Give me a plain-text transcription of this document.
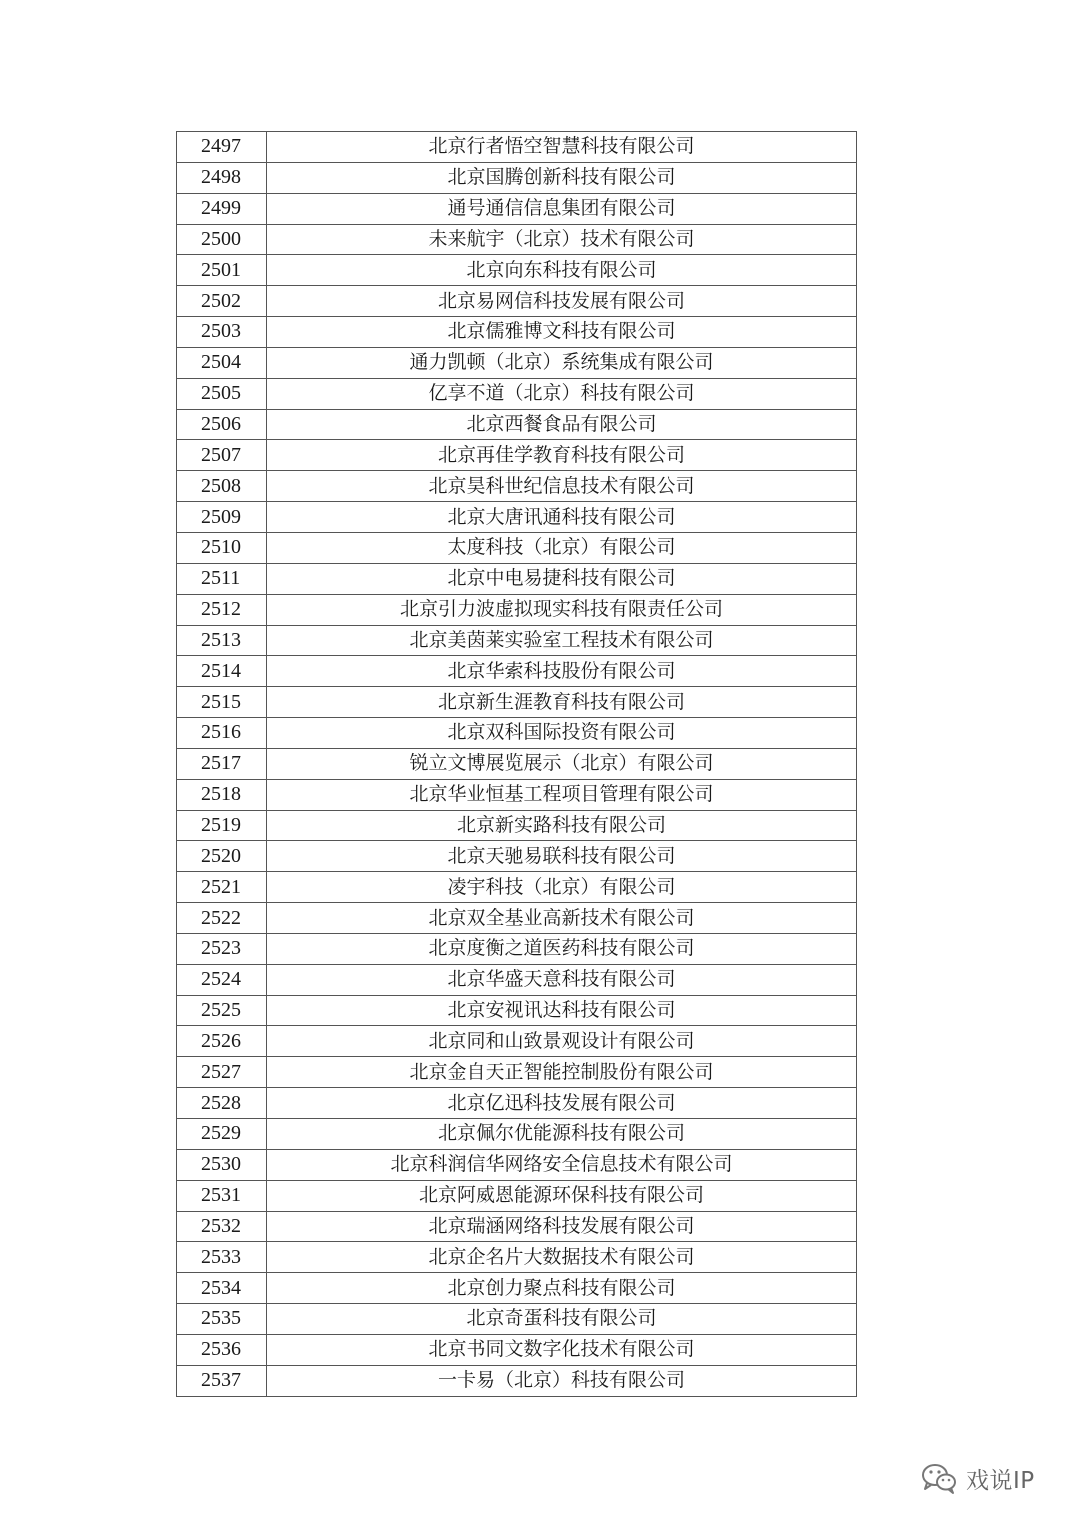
2497	北京行者悟空智慧科技有限公司
2498	北京国腾创新科技有限公司
2499	通号通信信息集团有限公司
2500	未来航宇（北京）技术有限公司
2501	北京向东科技有限公司
2502	北京易网信科技发展有限公司
2503	北京儒雅博文科技有限公司
2504	通力凯顿（北京）系统集成有限公司
2505	亿享不道（北京）科技有限公司
2506	北京西餐食品有限公司
2507	北京再佳学教育科技有限公司
2508	北京昊科世纪信息技术有限公司
2509	北京大唐讯通科技有限公司
2510	太度科技（北京）有限公司
2511	北京中电易捷科技有限公司
2512	北京引力波虚拟现实科技有限责任公司
2513	北京美茵莱实验室工程技术有限公司
2514	北京华索科技股份有限公司
2515	北京新生涯教育科技有限公司
2516	北京双科国际投资有限公司
2517	锐立文博展览展示（北京）有限公司
2518	北京华业恒基工程项目管理有限公司
2519	北京新实路科技有限公司
2520	北京天驰易联科技有限公司
2521	凌宇科技（北京）有限公司
2522	北京双全基业高新技术有限公司
2523	北京度衡之道医药科技有限公司
2524	北京华盛天意科技有限公司
2525	北京安视讯达科技有限公司
2526	北京同和山致景观设计有限公司
2527	北京金自天正智能控制股份有限公司
2528	北京亿迅科技发展有限公司
2529	北京佩尔优能源科技有限公司
2530	北京科润信华网络安全信息技术有限公司
2531	北京阿威恩能源环保科技有限公司
2532	北京瑞涵网络科技发展有限公司
2533	北京企名片大数据技术有限公司
2534	北京创力聚点科技有限公司
2535	北京奇蛋科技有限公司
2536	北京书同文数字化技术有限公司
2537	一卡易（北京）科技有限公司
戏说IP
